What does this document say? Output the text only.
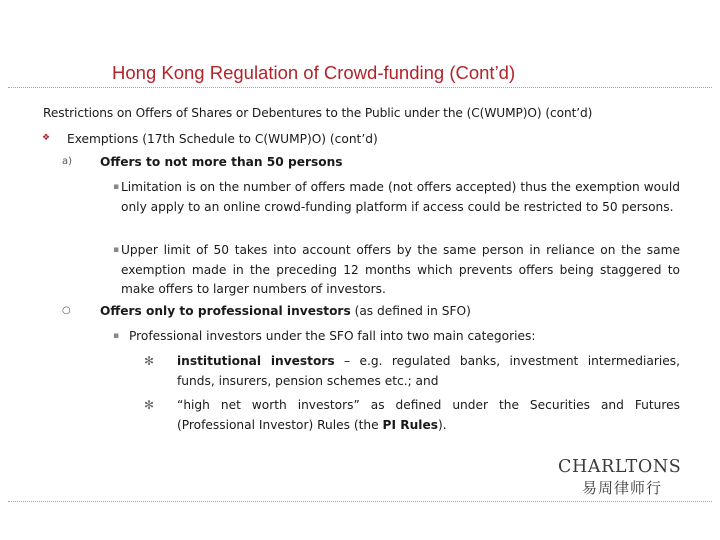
Hong Kong Regulation of Crowd-funding (Cont’d)
Restrictions on Offers of Shares or Debentures to the Public under the (C(WUMP)O) (cont’d)
❖ Exemptions (17th Schedule to C(WUMP)O) (cont’d)
a) Offers to not more than 50 persons
▪ Limitation is on the number of offers made (not offers accepted) thus the exemption would only apply to an online crowd-funding platform if access could be restricted to 50 persons.
▪ Upper limit of 50 takes into account offers by the same person in reliance on the same exemption made in the preceding 12 months which prevents offers being staggered to make offers to larger numbers of investors.
○ Offers only to professional investors (as defined in SFO)
▪ Professional investors under the SFO fall into two main categories:
✻ institutional investors – e.g. regulated banks, investment intermediaries, funds, insurers, pension schemes etc.; and
✻ “high net worth investors” as defined under the Securities and Futures (Professional Investor) Rules (the PI Rules).
CHARLTONS
易周律师行
